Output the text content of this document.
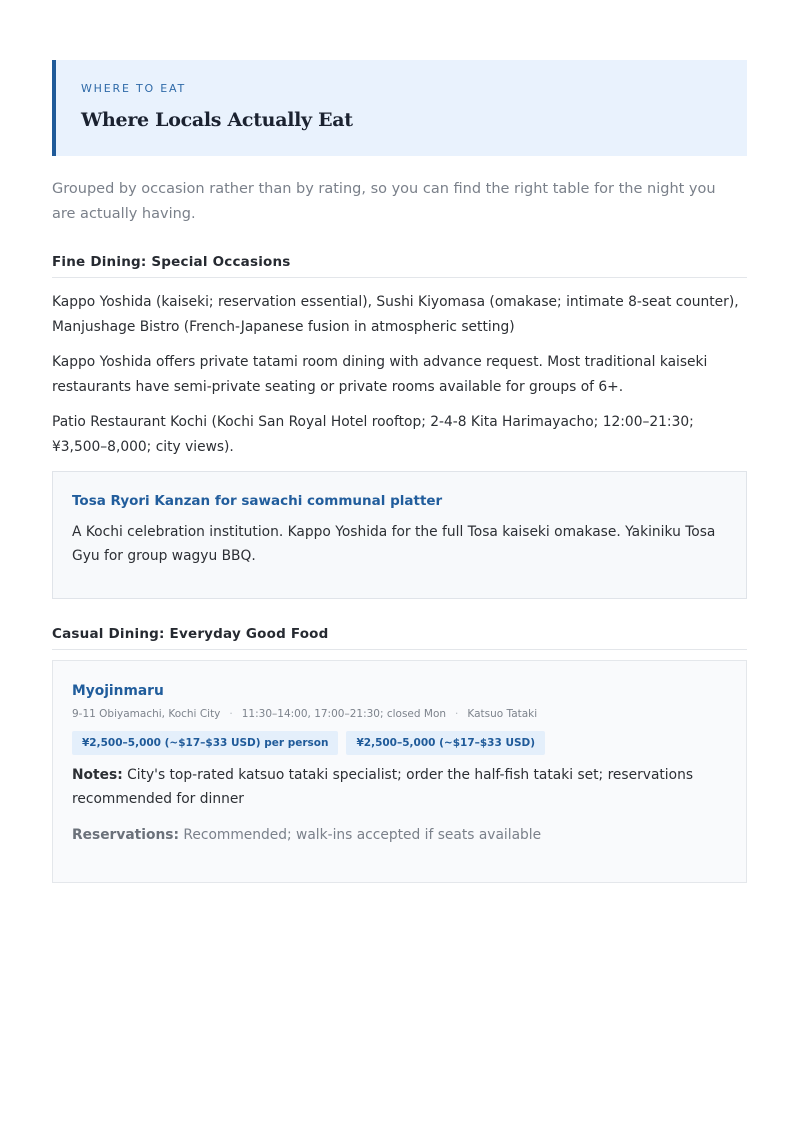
WHERE TO EAT
Where Locals Actually Eat

Grouped by occasion rather than by rating, so you can find the right table for the night you are actually having.

Fine Dining: Special Occasions

Kappo Yoshida (kaiseki; reservation essential), Sushi Kiyomasa (omakase; intimate 8-seat counter), Manjushage Bistro (French-Japanese fusion in atmospheric setting)

Kappo Yoshida offers private tatami room dining with advance request. Most traditional kaiseki restaurants have semi-private seating or private rooms available for groups of 6+.

Patio Restaurant Kochi (Kochi San Royal Hotel rooftop; 2-4-8 Kita Harimayacho; 12:00–21:30; ¥3,500–8,000; city views).

Tosa Ryori Kanzan for sawachi communal platter
A Kochi celebration institution. Kappo Yoshida for the full Tosa kaiseki omakase. Yakiniku Tosa Gyu for group wagyu BBQ.
Casual Dining: Everyday Good Food
Myojinmaru
9-11 Obiyamachi, Kochi City · 11:30–14:00, 17:00–21:30; closed Mon · Katsuo Tataki
¥2,500–5,000 (~$17–$33 USD) per person	¥2,500–5,000 (~$17–$33 USD)

Notes: City's top-rated katsuo tataki specialist; order the half-fish tataki set; reservations recommended for dinner

Reservations: Recommended; walk-ins accepted if seats available
